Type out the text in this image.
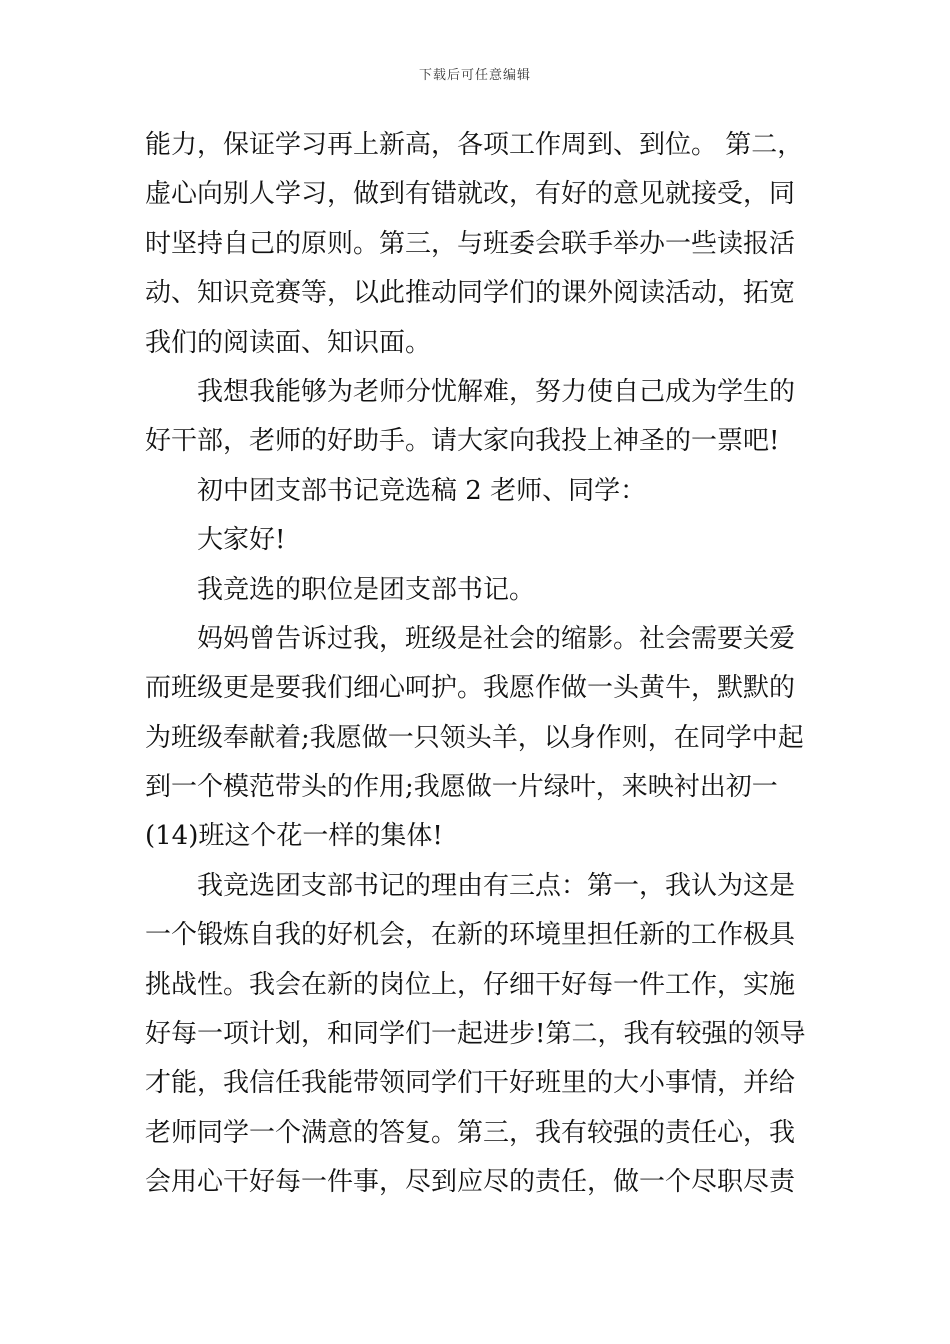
下载后可任意编辑
能力，保证学习再上新高，各项工作周到、到位。 第二，
虚心向别人学习，做到有错就改，有好的意见就接受，同
时坚持自己的原则。第三，与班委会联手举办一些读报活
动、知识竞赛等，以此推动同学们的课外阅读活动，拓宽
我们的阅读面、知识面。
我想我能够为老师分忧解难，努力使自己成为学生的
好干部，老师的好助手。请大家向我投上神圣的一票吧!
初中团支部书记竞选稿 2 老师、同学：
大家好!
我竞选的职位是团支部书记。
妈妈曾告诉过我，班级是社会的缩影。社会需要关爱
而班级更是要我们细心呵护。我愿作做一头黄牛，默默的
为班级奉献着;我愿做一只领头羊，以身作则，在同学中起
到一个模范带头的作用;我愿做一片绿叶，来映衬出初一
(14)班这个花一样的集体!
我竞选团支部书记的理由有三点：第一，我认为这是
一个锻炼自我的好机会，在新的环境里担任新的工作极具
挑战性。我会在新的岗位上，仔细干好每一件工作，实施
好每一项计划，和同学们一起进步!第二，我有较强的领导
才能，我信任我能带领同学们干好班里的大小事情，并给
老师同学一个满意的答复。第三，我有较强的责任心，我
会用心干好每一件事，尽到应尽的责任，做一个尽职尽责
